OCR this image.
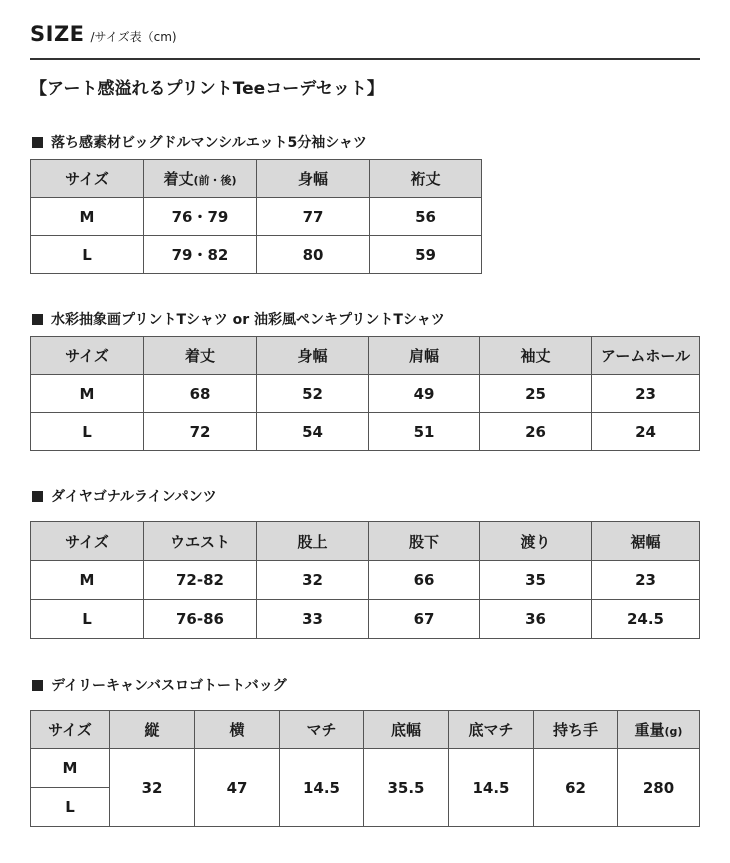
SIZE /サイズ表（cm)
【アート感溢れるプリントTeeコーデセット】
落ち感素材ビッグドルマンシルエット5分袖シャツ
サイズ	着丈(前・後)	身幅	裄丈
M	76・79	77	56
L	79・82	80	59
水彩抽象画プリントTシャツ or 油彩風ペンキプリントTシャツ
サイズ	着丈	身幅	肩幅	袖丈	アームホール
M	68	52	49	25	23
L	72	54	51	26	24
ダイヤゴナルラインパンツ
サイズ	ウエスト	股上	股下	渡り	裾幅
M	72-82	32	66	35	23
L	76-86	33	67	36	24.5
デイリーキャンバスロゴトートバッグ
サイズ	縦	横	マチ	底幅	底マチ	持ち手	重量(g)
M	32	47	14.5	35.5	14.5	62	280
L							
